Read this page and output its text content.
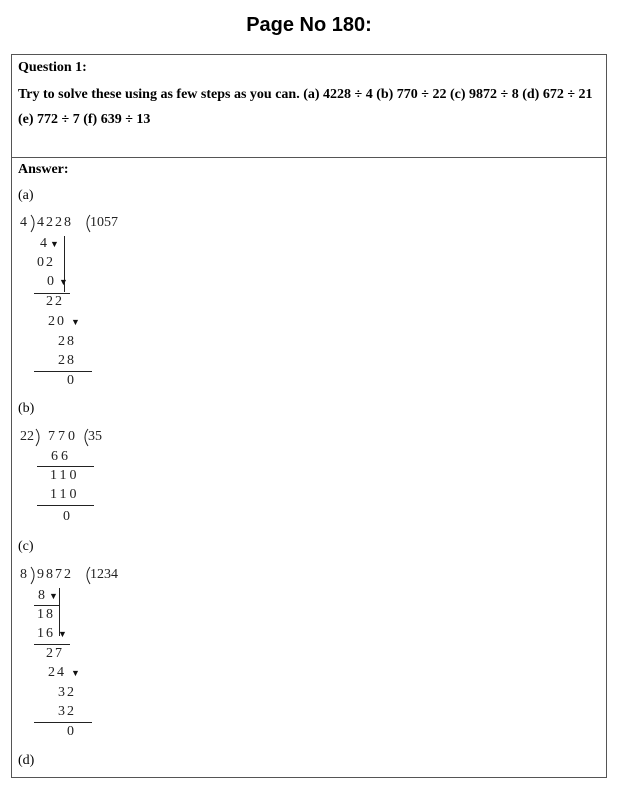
Page No 180:
Question 1:
Try to solve these using as few steps as you can. (a) 4228 ÷ 4 (b) 770 ÷ 22 (c) 9872 ÷ 8 (d) 672 ÷ 21 (e) 772 ÷ 7 (f) 639 ÷ 13
Answer:
(a)
4 4228 1057
4 ▼
02
0 ▼
22
20 ▼
28
28
0
(b)
22 770 35
66
110
110
0
(c)
8 9872 1234
8 ▼
18
16 ▼
27
24 ▼
32
32
0
(d)
